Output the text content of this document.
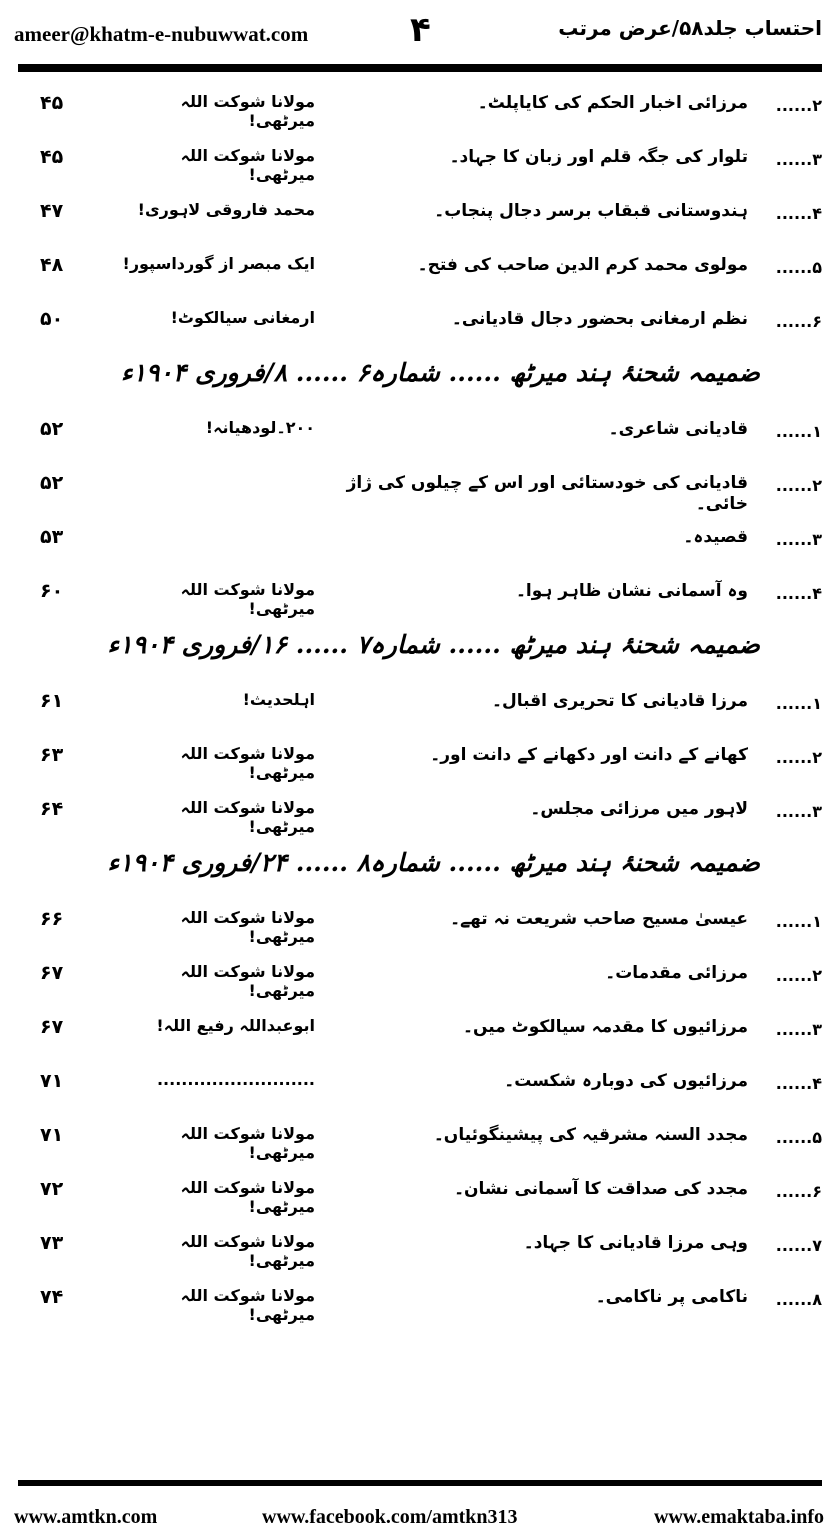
ameer@khatm-e-nubuwwat.com	۴	احتساب جلد۵۸/عرض مرتب
۲......
مرزائی اخبار الحکم کی کایاپلٹ۔
مولانا شوکت اللہ میرٹھی!
۴۵
۳......
تلوار کی جگہ قلم اور زبان کا جہاد۔
مولانا شوکت اللہ میرٹھی!
۴۵
۴......
ہندوستانی قبقاب برسر دجال پنجاب۔
محمد فاروقی لاہوری!
۴۷
۵......
مولوی محمد کرم الدین صاحب کی فتح۔
ایک مبصر از گورداسپور!
۴۸
۶......
نظم ارمغانی بحضور دجال قادیانی۔
ارمغانی سیالکوٹ!
۵۰
ضمیمہ شحنۂ ہند میرٹھ ...... شمارہ۶ ...... ۸/فروری ۱۹۰۴ء
۱......
قادیانی شاعری۔
۲۰۰۔لودھیانہ!
۵۲
۲......
قادیانی کی خودستائی اور اس کے چیلوں کی ژاژ خائی۔
۵۲
۳......
قصیدہ۔
۵۳
۴......
وہ آسمانی نشان ظاہر ہوا۔
مولانا شوکت اللہ میرٹھی!
۶۰
ضمیمہ شحنۂ ہند میرٹھ ...... شمارہ۷ ...... ۱۶/فروری ۱۹۰۴ء
۱......
مرزا قادیانی کا تحریری اقبال۔
اہلحدیث!
۶۱
۲......
کھانے کے دانت اور دکھانے کے دانت اور۔
مولانا شوکت اللہ میرٹھی!
۶۳
۳......
لاہور میں مرزائی مجلس۔
مولانا شوکت اللہ میرٹھی!
۶۴
ضمیمہ شحنۂ ہند میرٹھ ...... شمارہ۸ ...... ۲۴/فروری ۱۹۰۴ء
۱......
عیسیٰ مسیح صاحب شریعت نہ تھے۔
مولانا شوکت اللہ میرٹھی!
۶۶
۲......
مرزائی مقدمات۔
مولانا شوکت اللہ میرٹھی!
۶۷
۳......
مرزائیوں کا مقدمہ سیالکوٹ میں۔
ابوعبداللہ رفیع اللہ!
۶۷
۴......
مرزائیوں کی دوبارہ شکست۔
..........................
۷۱
۵......
مجدد السنہ مشرقیہ کی پیشینگوئیاں۔
مولانا شوکت اللہ میرٹھی!
۷۱
۶......
مجدد کی صداقت کا آسمانی نشان۔
مولانا شوکت اللہ میرٹھی!
۷۲
۷......
وہی مرزا قادیانی کا جہاد۔
مولانا شوکت اللہ میرٹھی!
۷۳
۸......
ناکامی پر ناکامی۔
مولانا شوکت اللہ میرٹھی!
۷۴
www.amtkn.com	www.facebook.com/amtkn313	www.emaktaba.info
